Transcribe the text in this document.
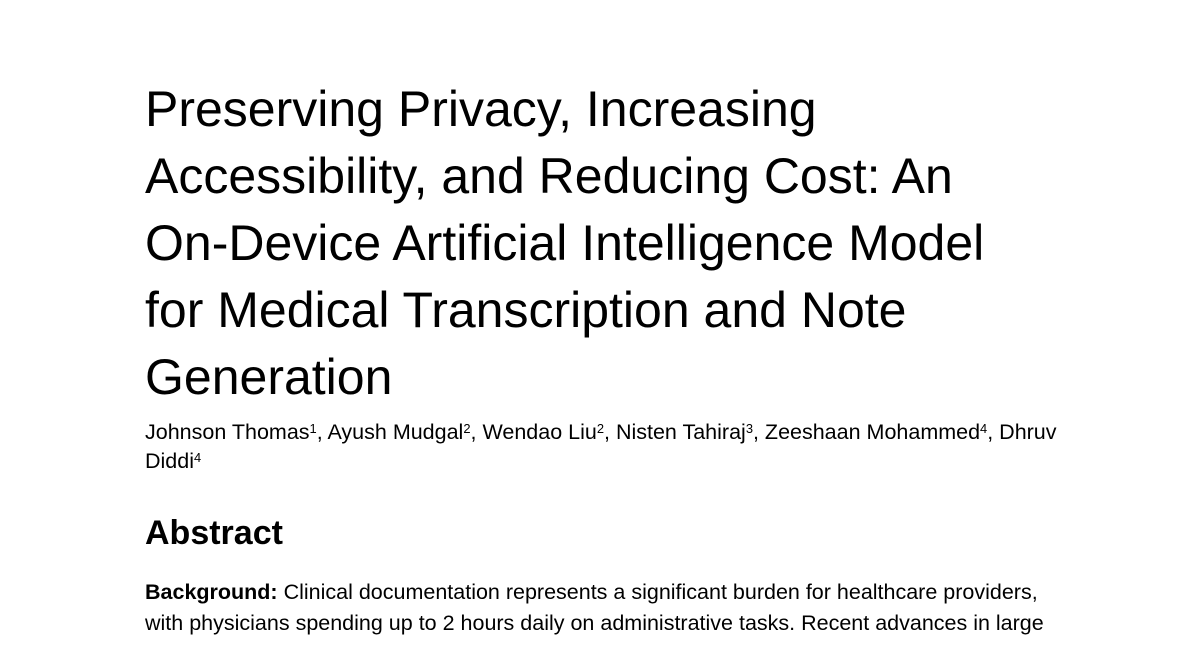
Preserving Privacy, Increasing
Accessibility, and Reducing Cost: An
On-Device Artificial Intelligence Model
for Medical Transcription and Note
Generation

Johnson Thomas$^1$, Ayush Mudgal$^2$, Wendao Liu$^2$, Nisten Tahiraj$^3$, Zeeshaan Mohammed$^4$, Dhruv
Diddi$^4$

Abstract

Background: Clinical documentation represents a significant burden for healthcare providers,
with physicians spending up to 2 hours daily on administrative tasks. Recent advances in large
